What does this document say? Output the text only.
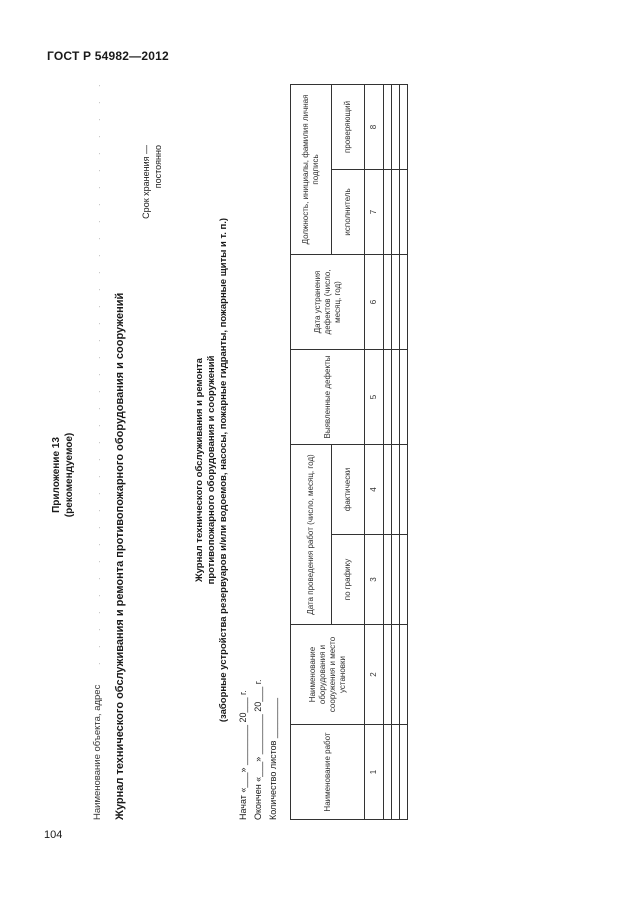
ГОСТ Р 54982—2012
104
Приложение 13 (рекомендуемое)	Журнал технического обслуживания и ремонта противопожарного оборудования и сооружений
Наименование объекта, адрес
. . . . . . . . . . . . . . . . . . . . . . . . . . . . . . . . . . .	Срок хранения — постоянно
Начат «___» ________ 20___ г. Окончен «___» ________ 20___ г. Количество листов ________
Журнал технического обслуживания и ремонта противопожарного оборудования и сооружений (заборные устройства резервуаров и/или водоемов, насосы, пожарные гидранты, пожарные щиты и т. п.)
Наименование работ	Наименование оборудования и сооружения и место установки	Дата проведения работ (число, месяц, год)		Выявленные дефекты	Дата устранения дефектов (число, месяц, год)	Должность, инициалы, фамилия личная подпись	
		по графику	фактически			исполнитель	проверяющий
1	2	3	4	5	6	7	8
